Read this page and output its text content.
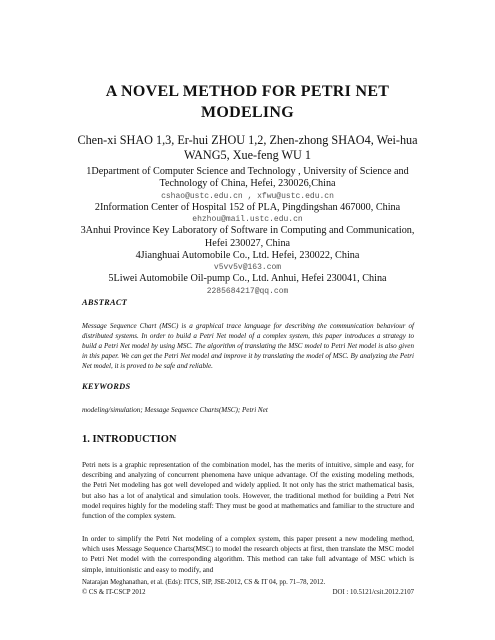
A NOVEL METHOD FOR PETRI NET
MODELING
Chen-xi SHAO 1,3, Er-hui ZHOU 1,2, Zhen-zhong SHAO4, Wei-hua
WANG5, Xue-feng WU 1
1Department of Computer Science and Technology , University of Science and
Technology of China, Hefei, 230026,China
cshao@ustc.edu.cn , xfwu@ustc.edu.cn
2Information Center of Hospital 152 of PLA, Pingdingshan 467000, China
ehzhou@mail.ustc.edu.cn
3Anhui Province Key Laboratory of Software in Computing and Communication,
Hefei 230027, China
4Jianghuai Automobile Co., Ltd. Hefei, 230022, China
v5vv5v@163.com
5Liwei Automobile Oil-pump Co., Ltd. Anhui, Hefei 230041, China
2285684217@qq.com
ABSTRACT
Message Sequence Chart (MSC) is a graphical trace language for describing the communication behaviour of distributed systems. In order to build a Petri Net model of a complex system, this paper introduces a strategy to build a Petri Net model by using MSC. The algorithm of translating the MSC model to Petri Net model is also given in this paper. We can get the Petri Net model and improve it by translating the model of MSC. By analyzing the Petri Net model, it is proved to be safe and reliable.
KEYWORDS
modeling/simulation; Message Sequence Charts(MSC); Petri Net
1. INTRODUCTION
Petri nets is a graphic representation of the combination model, has the merits of intuitive, simple and easy, for describing and analyzing of concurrent phenomena have unique advantage. Of the existing modeling methods, the Petri Net modeling has got well developed and widely applied. It not only has the strict mathematical basis, but also has a lot of analytical and simulation tools. However, the traditional method for building a Petri Net model requires highly for the modeling staff: They must be good at mathematics and familiar to the structure and function of the complex system.
In order to simplify the Petri Net modeling of a complex system, this paper present a new modeling method, which uses Message Sequence Charts(MSC) to model the research objects at first, then translate the MSC model to Petri Net model with the corresponding algorithm. This method can take full advantage of MSC which is simple, intuitionistic and easy to modify, and
Natarajan Meghanathan, et al. (Eds): ITCS, SIP, JSE-2012, CS & IT 04, pp. 71–78, 2012.
© CS & IT-CSCP 2012	DOI : 10.5121/csit.2012.2107
